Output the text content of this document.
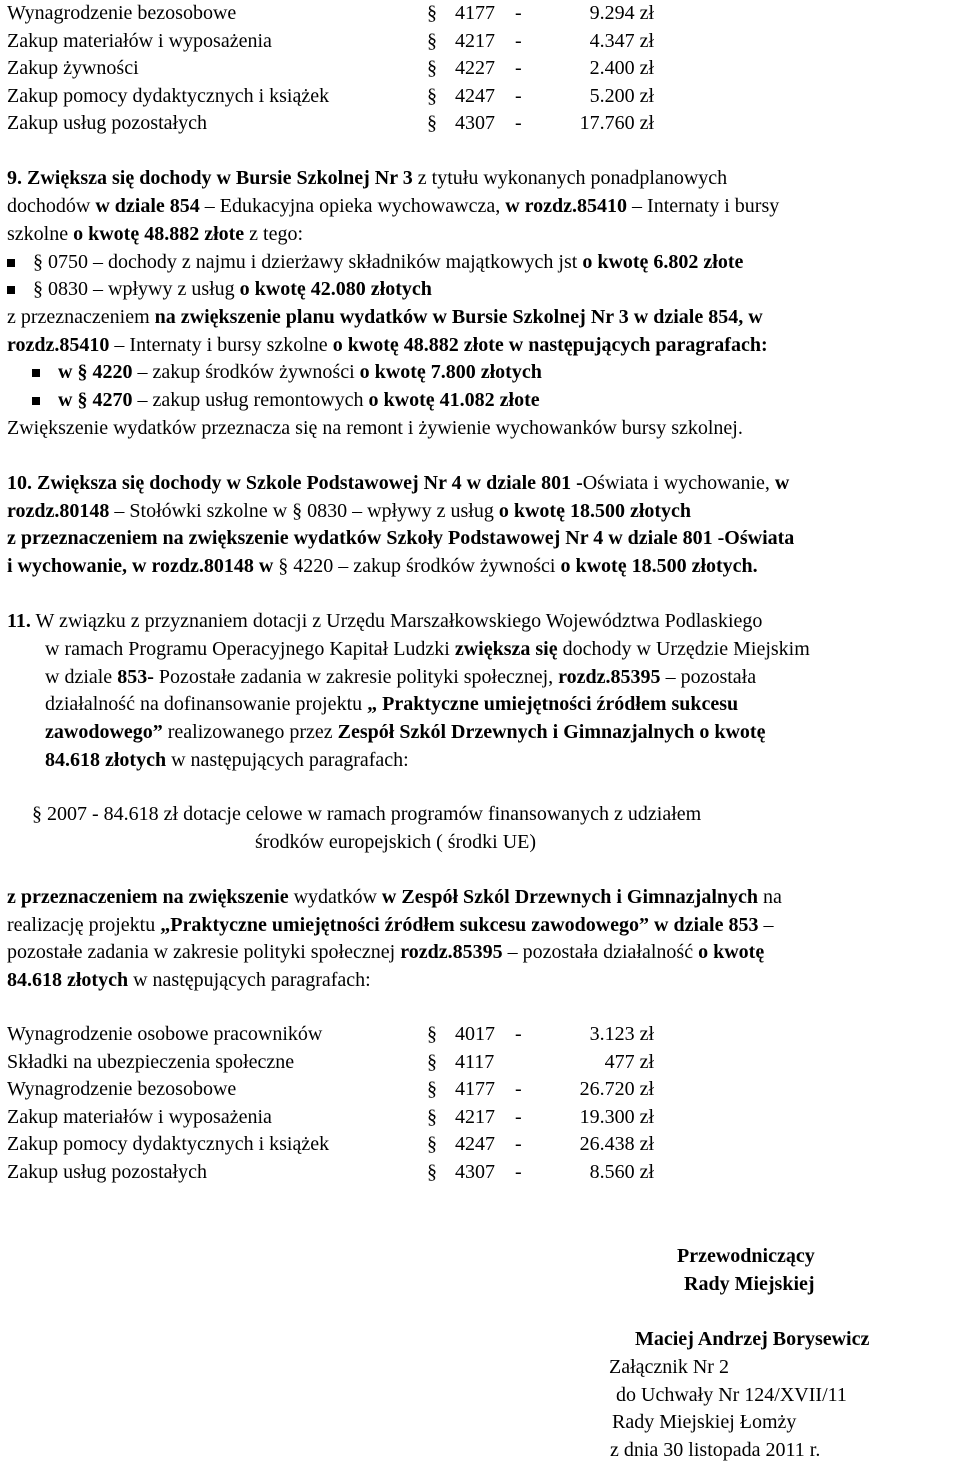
Wynagrodzenie bezosobowe	§ 4177 -	9.294 zł
Zakup materiałów i wyposażenia	§ 4217 -	4.347 zł
Zakup żywności	§ 4227 -	2.400 zł
Zakup pomocy dydaktycznych i książek	§ 4247 -	5.200 zł
Zakup usług pozostałych	§ 4307 -	17.760 zł
9. Zwiększa się dochody w Bursie Szkolnej Nr 3 z tytułu wykonanych ponadplanowych
dochodów w dziale 854 – Edukacyjna opieka wychowawcza, w rozdz.85410 – Internaty i bursy
szkolne o kwotę 48.882 złote z tego:
§ 0750 – dochody z najmu i dzierżawy składników majątkowych jst o kwotę 6.802 złote
§ 0830 – wpływy z usług o kwotę 42.080 złotych
z przeznaczeniem na zwiększenie planu wydatków w Bursie Szkolnej Nr 3 w dziale 854, w
rozdz.85410 – Internaty i bursy szkolne o kwotę 48.882 złote w następujących paragrafach:
w § 4220 – zakup środków żywności o kwotę 7.800 złotych
w § 4270 – zakup usług remontowych o kwotę 41.082 złote
Zwiększenie wydatków przeznacza się na remont i żywienie wychowanków bursy szkolnej.
10. Zwiększa się dochody w Szkole Podstawowej Nr 4 w dziale 801 -Oświata i wychowanie, w
rozdz.80148 – Stołówki szkolne w § 0830 – wpływy z usług o kwotę 18.500 złotych
z przeznaczeniem na zwiększenie wydatków Szkoły Podstawowej Nr 4 w dziale 801 -Oświata
i wychowanie, w rozdz.80148 w § 4220 – zakup środków żywności o kwotę 18.500 złotych.
11. W związku z przyznaniem dotacji z Urzędu Marszałkowskiego Województwa Podlaskiego
w ramach Programu Operacyjnego Kapitał Ludzki zwiększa się dochody w Urzędzie Miejskim
w dziale 853- Pozostałe zadania w zakresie polityki społecznej, rozdz.85395 – pozostała
działalność na dofinansowanie projektu „ Praktyczne umiejętności źródłem sukcesu
zawodowego” realizowanego przez Zespół Szkól Drzewnych i Gimnazjalnych o kwotę
84.618 złotych w następujących paragrafach:
§ 2007 - 84.618 zł dotacje celowe w ramach programów finansowanych z udziałem
środków europejskich ( środki UE)
z przeznaczeniem na zwiększenie wydatków w Zespół Szkól Drzewnych i Gimnazjalnych na
realizację projektu „Praktyczne umiejętności źródłem sukcesu zawodowego” w dziale 853 –
pozostałe zadania w zakresie polityki społecznej rozdz.85395 – pozostała działalność o kwotę
84.618 złotych w następujących paragrafach:
Wynagrodzenie osobowe pracowników	§ 4017 -	3.123 zł
Składki na ubezpieczenia społeczne	§ 4117	477 zł
Wynagrodzenie bezosobowe	§ 4177 -	26.720 zł
Zakup materiałów i wyposażenia	§ 4217 -	19.300 zł
Zakup pomocy dydaktycznych i książek	§ 4247 -	26.438 zł
Zakup usług pozostałych	§ 4307 -	8.560 zł
Przewodniczący
Rady Miejskiej
Maciej Andrzej Borysewicz
Załącznik Nr 2
do Uchwały Nr 124/XVII/11
Rady Miejskiej Łomży
z dnia 30 listopada 2011 r.
